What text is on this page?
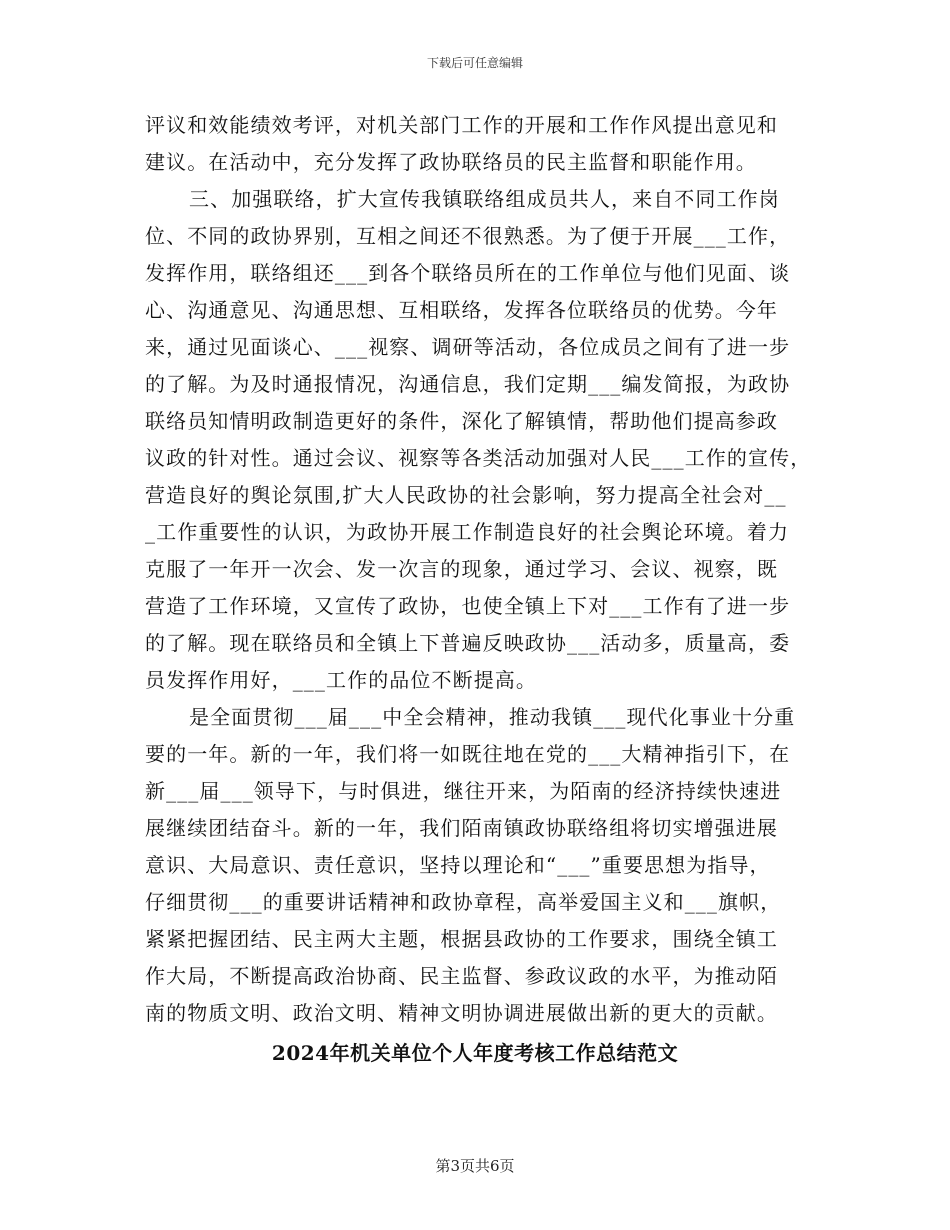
下载后可任意编辑
评议和效能绩效考评，对机关部门工作的开展和工作作风提出意见和
建议。在活动中，充分发挥了政协联络员的民主监督和职能作用。
三、加强联络，扩大宣传我镇联络组成员共人，来自不同工作岗
位、不同的政协界别，互相之间还不很熟悉。为了便于开展___工作，
发挥作用，联络组还___到各个联络员所在的工作单位与他们见面、谈
心、沟通意见、沟通思想、互相联络，发挥各位联络员的优势。今年
来，通过见面谈心、___视察、调研等活动，各位成员之间有了进一步
的了解。为及时通报情况，沟通信息，我们定期___编发简报，为政协
联络员知情明政制造更好的条件，深化了解镇情，帮助他们提高参政
议政的针对性。通过会议、视察等各类活动加强对人民___工作的宣传，
营造良好的舆论氛围,扩大人民政协的社会影响，努力提高全社会对__
_工作重要性的认识，为政协开展工作制造良好的社会舆论环境。着力
克服了一年开一次会、发一次言的现象，通过学习、会议、视察，既
营造了工作环境，又宣传了政协，也使全镇上下对___工作有了进一步
的了解。现在联络员和全镇上下普遍反映政协___活动多，质量高，委
员发挥作用好，___工作的品位不断提高。
是全面贯彻___届___中全会精神，推动我镇___现代化事业十分重
要的一年。新的一年，我们将一如既往地在党的___大精神指引下，在
新___届___领导下，与时俱进，继往开来，为陌南的经济持续快速进
展继续团结奋斗。新的一年，我们陌南镇政协联络组将切实增强进展
意识、大局意识、责任意识，坚持以理论和“___”重要思想为指导，
仔细贯彻___的重要讲话精神和政协章程，高举爱国主义和___旗帜，
紧紧把握团结、民主两大主题，根据县政协的工作要求，围绕全镇工
作大局，不断提高政治协商、民主监督、参政议政的水平，为推动陌
南的物质文明、政治文明、精神文明协调进展做出新的更大的贡献。
2024年机关单位个人年度考核工作总结范文
第3页共6页
